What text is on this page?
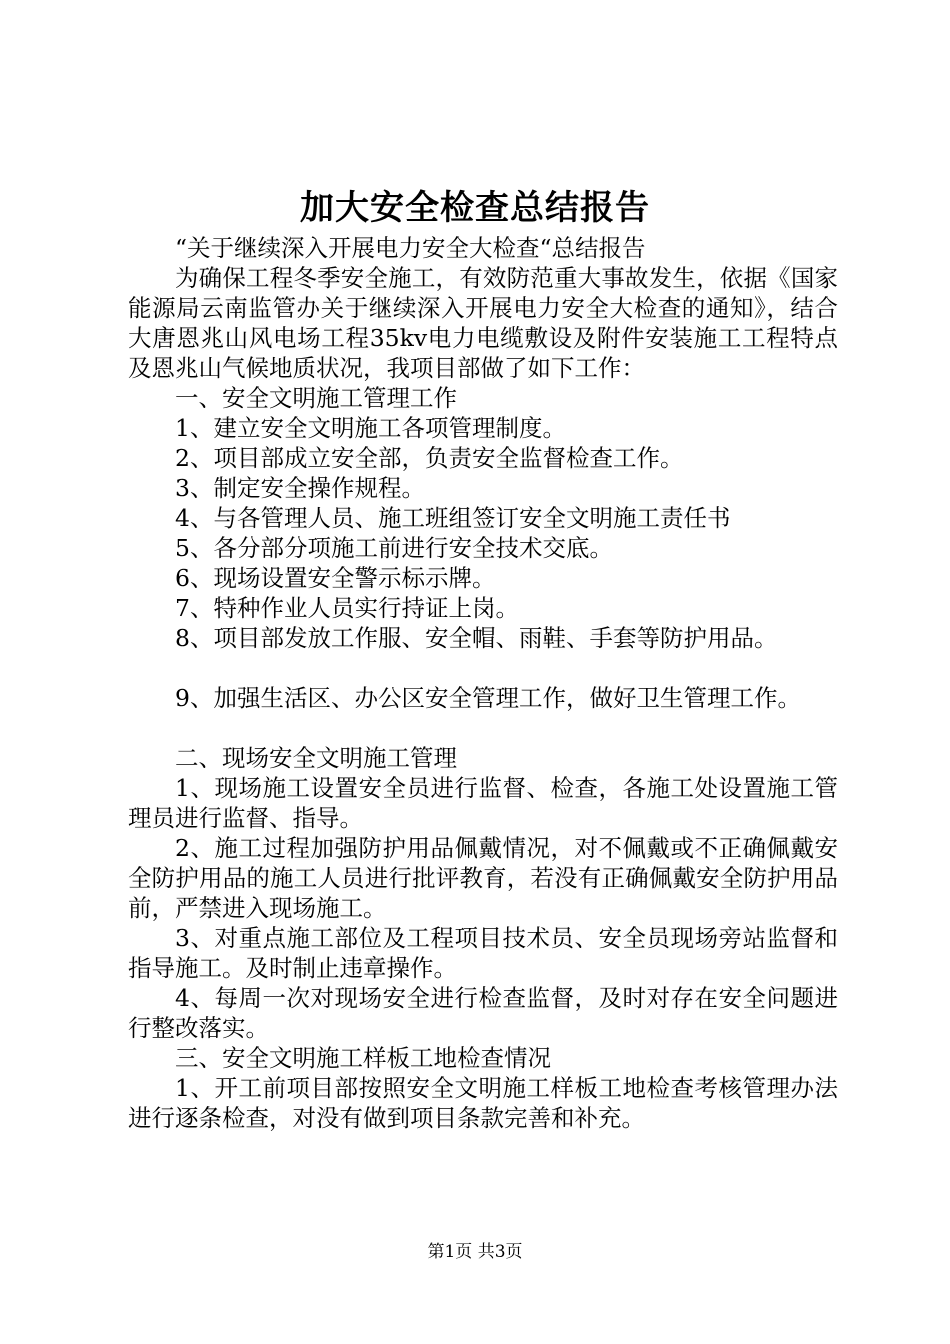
加大安全检查总结报告

“关于继续深入开展电力安全大检查“总结报告

为确保工程冬季安全施工，有效防范重大事故发生，依据《国家能源局云南监管办关于继续深入开展电力安全大检查的通知》，结合大唐恩兆山风电场工程35kv电力电缆敷设及附件安装施工工程特点及恩兆山气候地质状况，我项目部做了如下工作：

一、安全文明施工管理工作

1、建立安全文明施工各项管理制度。

2、项目部成立安全部，负责安全监督检查工作。

3、制定安全操作规程。

4、与各管理人员、施工班组签订安全文明施工责任书

5、各分部分项施工前进行安全技术交底。

6、现场设置安全警示标示牌。

7、特种作业人员实行持证上岗。

8、项目部发放工作服、安全帽、雨鞋、手套等防护用品。

9、加强生活区、办公区安全管理工作，做好卫生管理工作。

二、现场安全文明施工管理

1、现场施工设置安全员进行监督、检查，各施工处设置施工管理员进行监督、指导。

2、施工过程加强防护用品佩戴情况，对不佩戴或不正确佩戴安全防护用品的施工人员进行批评教育，若没有正确佩戴安全防护用品前，严禁进入现场施工。

3、对重点施工部位及工程项目技术员、安全员现场旁站监督和指导施工。及时制止违章操作。

4、每周一次对现场安全进行检查监督，及时对存在安全问题进行整改落实。

三、安全文明施工样板工地检查情况

1、开工前项目部按照安全文明施工样板工地检查考核管理办法进行逐条检查，对没有做到项目条款完善和补充。

第1页 共3页
